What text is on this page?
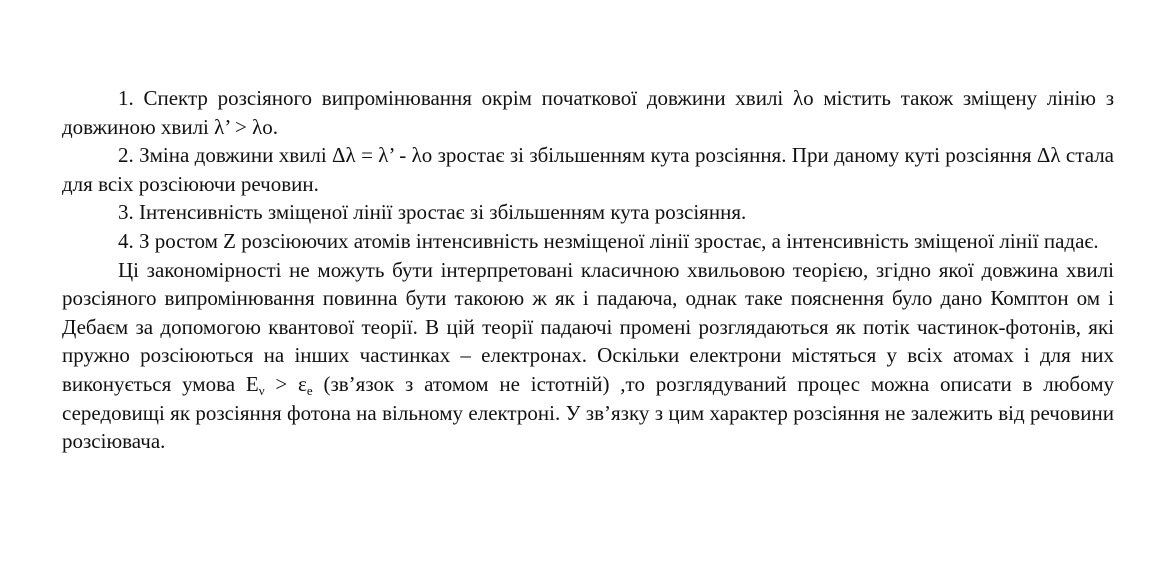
1. Спектр розсіяного випромінювання окрім початкової довжини хвилі λo містить також зміщену лінію з довжиною хвилі λ’ > λo.

2. Зміна довжини хвилі Δλ = λ’ - λo зростає зі збільшенням кута розсіяння. При даному куті розсіяння Δλ стала для всіх розсіюючи речовин.

3. Інтенсивність зміщеної лінії зростає зі збільшенням кута розсіяння.

4. З ростом Z розсіюючих атомів інтенсивність незміщеної лінії зростає, а інтенсивність зміщеної лінії падає.

Ці закономірності не можуть бути інтерпретовані класичною хвильовою теорією, згідно якої довжина хвилі розсіяного випромінювання повинна бути такоюю ж як і падаюча, однак таке пояснення було дано Комптон ом і Дебаєм за допомогою квантової теорії. В цій теорії падаючі промені розглядаються як потік частинок-фотонів, які пружно розсіюються на інших частинках – електронах. Оскільки електрони містяться у всіх атомах і для них виконується умова $E_\nu > \varepsilon_e$ (зв’язок з атомом не істотній) ,то розглядуваний процес можна описати в любому середовищі як розсіяння фотона на вільному електроні. У зв’язку з цим характер розсіяння не залежить від речовини розсіювача.
